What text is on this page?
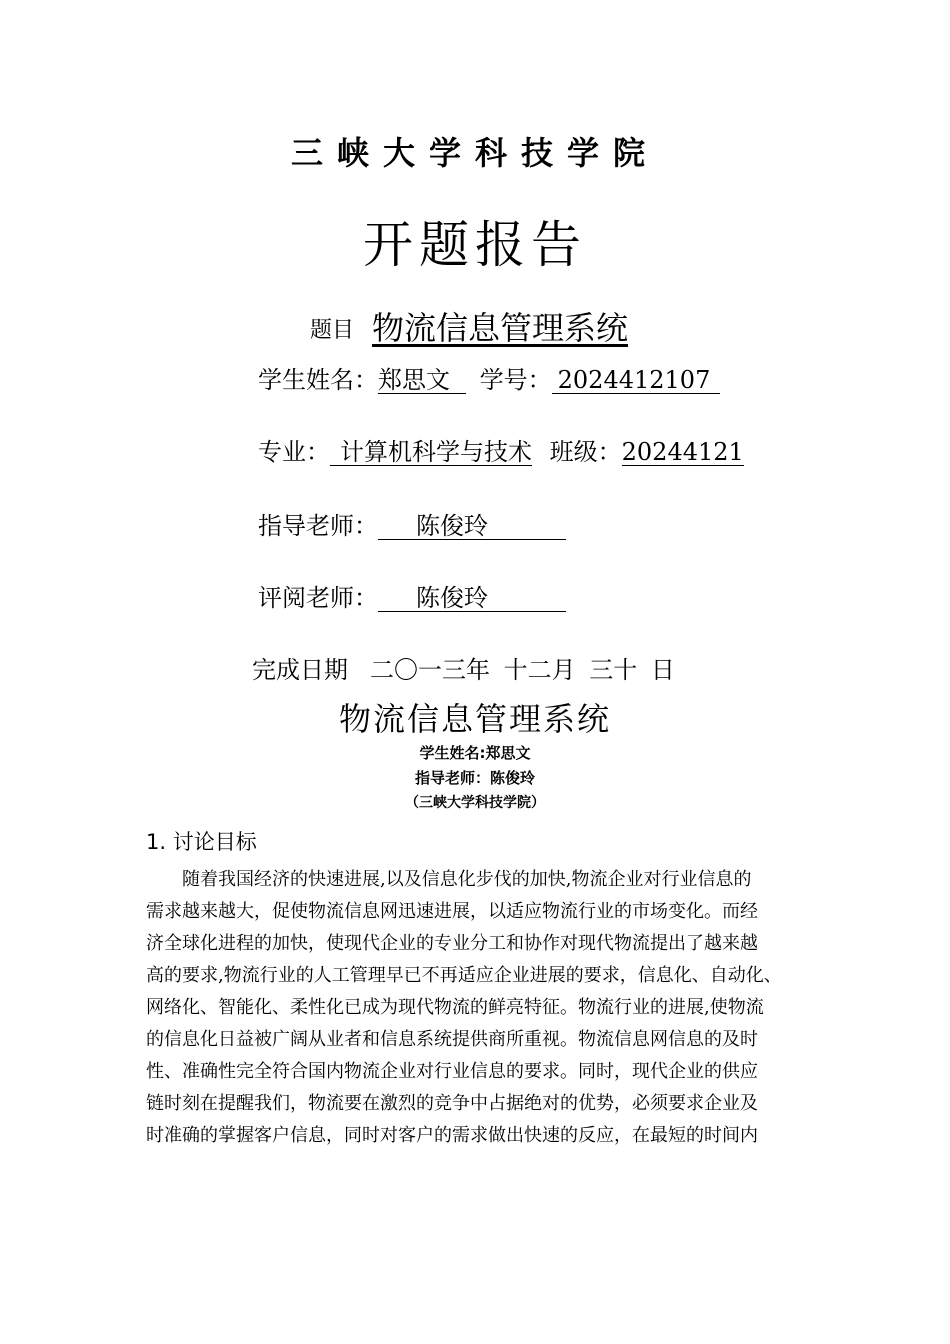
三峡大学科技学院
开题报告
题目 物流信息管理系统
学生姓名：郑思文 学号： 2024412107
专业： 计算机科学与技术 班级：20244121
指导老师： 陈俊玲
评阅老师： 陈俊玲
完成日期 二〇一三年 十二月 三十 日
物流信息管理系统
学生姓名:郑思文
指导老师：陈俊玲
（三峡大学科技学院）
1. 讨论目标
随着我国经济的快速进展,以及信息化步伐的加快,物流企业对行业信息的
需求越来越大，促使物流信息网迅速进展，以适应物流行业的市场变化。而经
济全球化进程的加快，使现代企业的专业分工和协作对现代物流提出了越来越
高的要求,物流行业的人工管理早已不再适应企业进展的要求，信息化、自动化、
网络化、智能化、柔性化已成为现代物流的鲜亮特征。物流行业的进展,使物流
的信息化日益被广阔从业者和信息系统提供商所重视。物流信息网信息的及时
性、准确性完全符合国内物流企业对行业信息的要求。同时，现代企业的供应
链时刻在提醒我们，物流要在激烈的竞争中占据绝对的优势，必须要求企业及
时准确的掌握客户信息，同时对客户的需求做出快速的反应，在最短的时间内
